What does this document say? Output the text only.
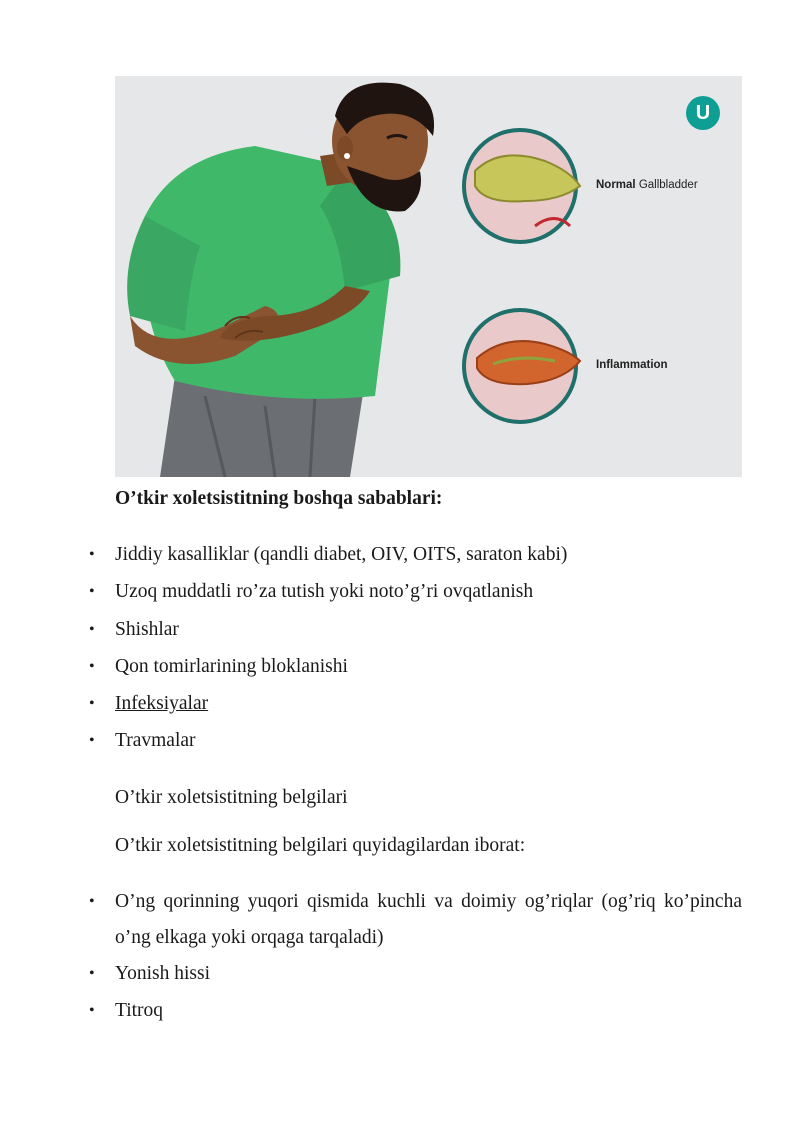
U
Normal Gallbladder
Inflammation
O’tkir xoletsistitning boshqa sabablari:
• Jiddiy kasalliklar (qandli diabet, OIV, OITS, saraton kabi)
• Uzoq muddatli ro’za tutish yoki noto’g’ri ovqatlanish
• Shishlar
• Qon tomirlarining bloklanishi
• Infeksiyalar
• Travmalar
O’tkir xoletsistitning belgilari
O’tkir xoletsistitning belgilari quyidagilardan iborat:
• O’ng qorinning yuqori qismida kuchli va doimiy og’riqlar (og’riq ko’pincha o’ng elkaga yoki orqaga tarqaladi)
• Yonish hissi
• Titroq
